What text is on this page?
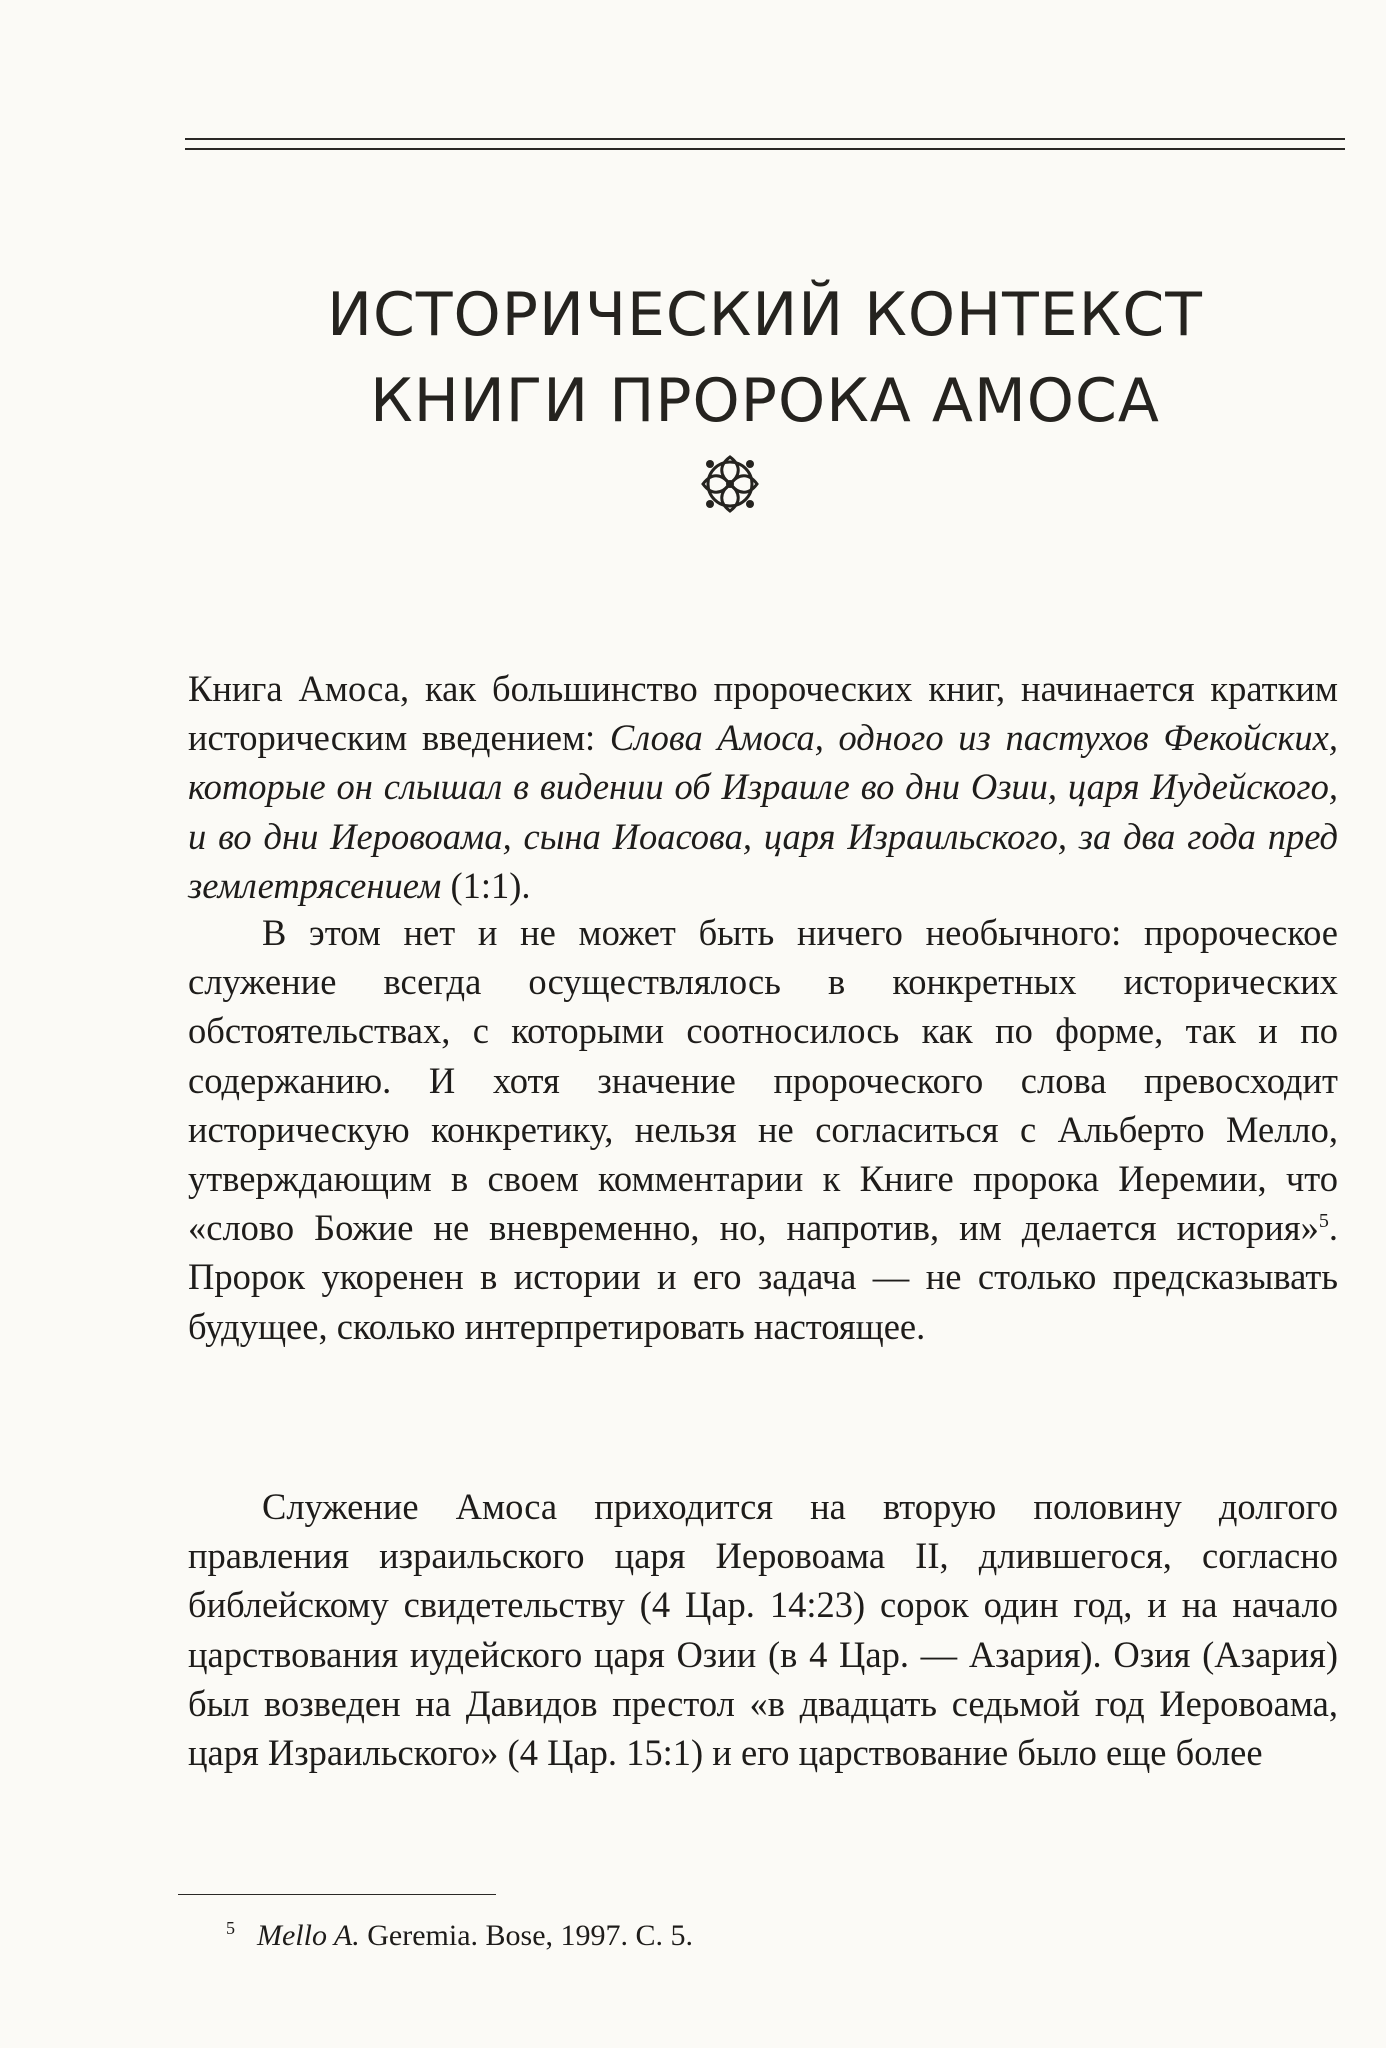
ИСТОРИЧЕСКИЙ КОНТЕКСТ
КНИГИ ПРОРОКА АМОСА

Книга Амоса, как большинство пророческих книг, начинается кратким историческим введением: Слова Амоса, одного из пастухов Фекойских, которые он слышал в видении об Израиле во дни Озии, царя Иудейского, и во дни Иеровоама, сына Иоасова, царя Израильского, за два года пред землетрясением (1:1).

В этом нет и не может быть ничего необычного: пророческое служение всегда осуществлялось в конкретных исторических обстоятельствах, с которыми соотносилось как по форме, так и по содержанию. И хотя значение пророческого слова превосходит историческую конкретику, нельзя не согласиться с Альберто Мелло, утверждающим в своем комментарии к Книге пророка Иеремии, что «слово Божие не вневременно, но, напротив, им делается история»$^5$. Пророк укоренен в истории и его задача — не столько предсказывать будущее, сколько интерпретировать настоящее.

Служение Амоса приходится на вторую половину долгого правления израильского царя Иеровоама II, длившегося, согласно библейскому свидетельству (4 Цар. 14:23) сорок один год, и на начало царствования иудейского царя Озии (в 4 Цар. — Азария). Озия (Азария) был возведен на Давидов престол «в двадцать седьмой год Иеровоама, царя Израильского» (4 Цар. 15:1) и его царствование было еще более

$^5$ Mello A. Geremia. Bose, 1997. C. 5.
